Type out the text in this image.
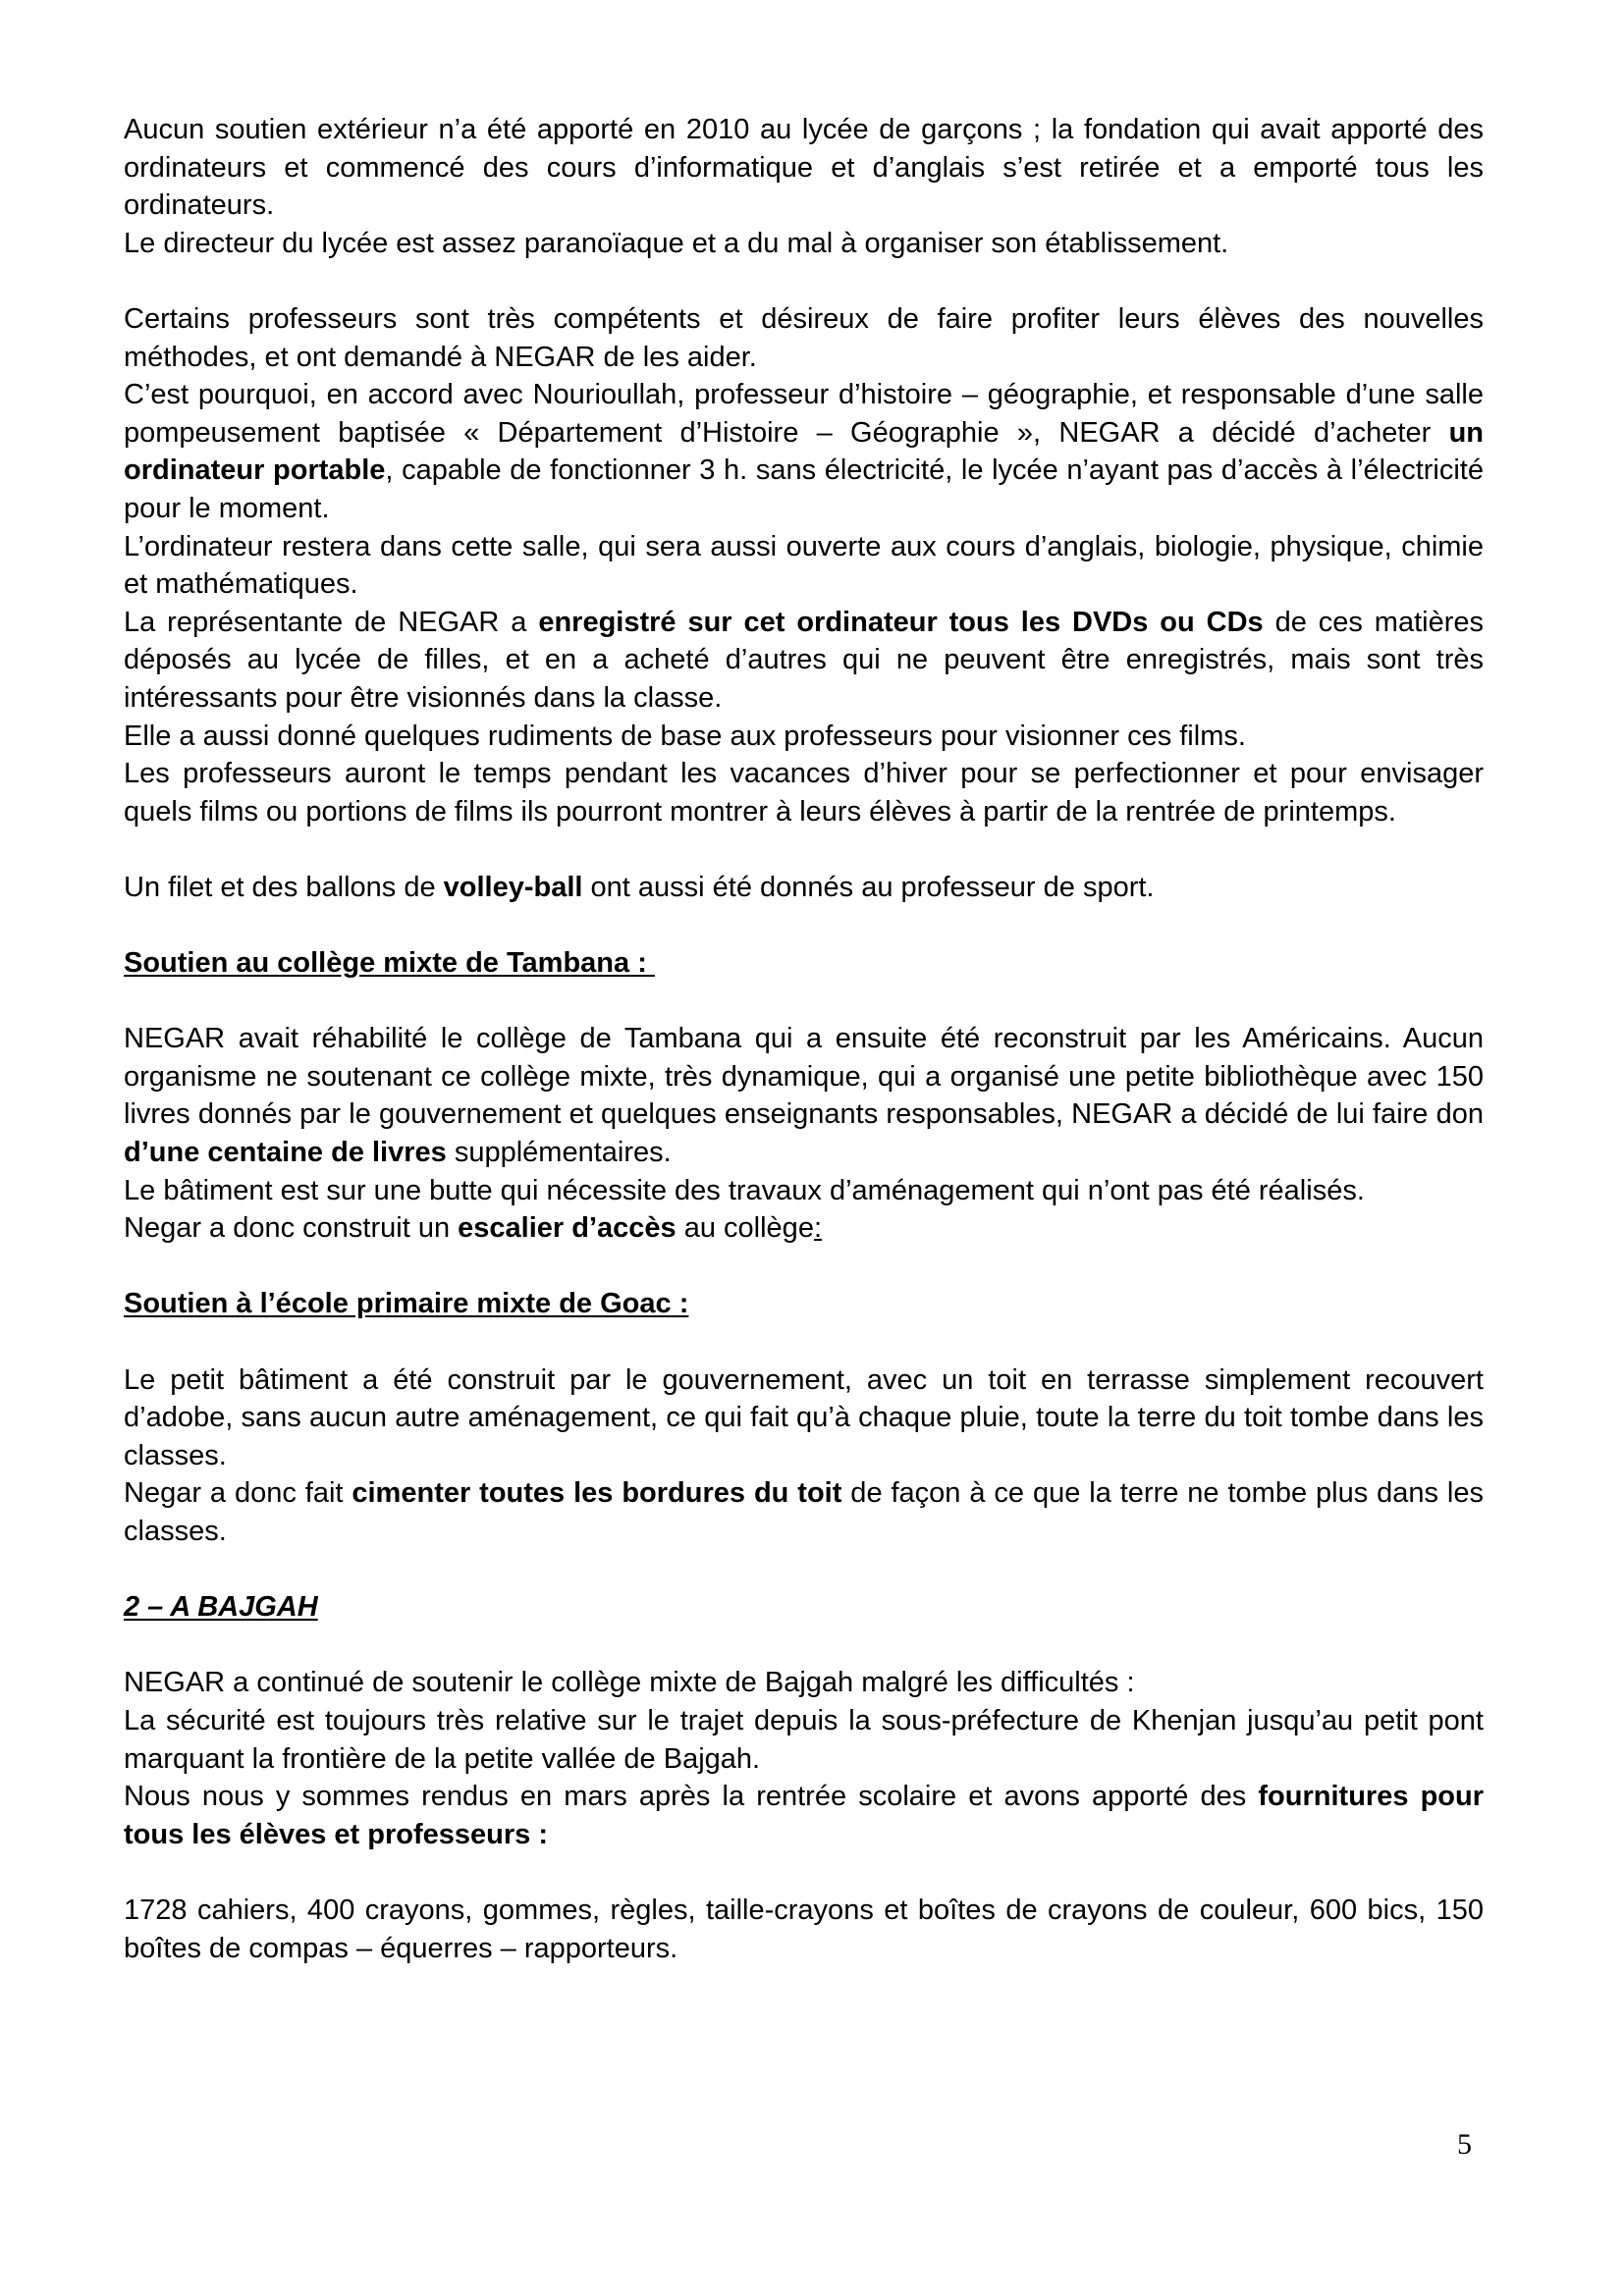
Aucun soutien extérieur n’a été apporté en 2010 au lycée de garçons ; la fondation qui avait apporté des ordinateurs et commencé des cours d’informatique et d’anglais s’est retirée et a emporté tous les ordinateurs.

Le directeur du lycée est assez paranoïaque et a du mal à organiser son établissement.

Certains professeurs sont très compétents et désireux de faire profiter leurs élèves des nouvelles méthodes, et ont demandé à NEGAR de les aider.

C’est pourquoi, en accord avec Nourioullah, professeur d’histoire – géographie, et responsable d’une salle pompeusement baptisée « Département d’Histoire – Géographie », NEGAR a décidé d’acheter un ordinateur portable, capable de fonctionner 3 h. sans électricité, le lycée n’ayant pas d’accès à l’électricité pour le moment.

L’ordinateur restera dans cette salle, qui sera aussi ouverte aux cours d’anglais, biologie, physique, chimie et mathématiques.

La représentante de NEGAR a enregistré sur cet ordinateur tous les DVDs ou CDs de ces matières déposés au lycée de filles, et en a acheté d’autres qui ne peuvent être enregistrés, mais sont très intéressants pour être visionnés dans la classe.

Elle a aussi donné quelques rudiments de base aux professeurs pour visionner ces films.

Les professeurs auront le temps pendant les vacances d’hiver pour se perfectionner et pour envisager quels films ou portions de films ils pourront montrer à leurs élèves à partir de la rentrée de printemps.

Un filet et des ballons de volley-ball ont aussi été donnés au professeur de sport.

Soutien au collège mixte de Tambana :

NEGAR avait réhabilité le collège de Tambana qui a ensuite été reconstruit par les Américains. Aucun organisme ne soutenant ce collège mixte, très dynamique, qui a organisé une petite bibliothèque avec 150 livres donnés par le gouvernement et quelques enseignants responsables, NEGAR a décidé de lui faire don d’une centaine de livres supplémentaires.

Le bâtiment est sur une butte qui nécessite des travaux d’aménagement qui n’ont pas été réalisés.

Negar a donc construit un escalier d’accès au collège:

Soutien à l’école primaire mixte de Goac :

Le petit bâtiment a été construit par le gouvernement, avec un toit en terrasse simplement recouvert d’adobe, sans aucun autre aménagement, ce qui fait qu’à chaque pluie, toute la terre du toit tombe dans les classes.

Negar a donc fait cimenter toutes les bordures du toit de façon à ce que la terre ne tombe plus dans les classes.

2 – A BAJGAH

NEGAR a continué de soutenir le collège mixte de Bajgah malgré les difficultés :

La sécurité est toujours très relative sur le trajet depuis la sous-préfecture de Khenjan jusqu’au petit pont marquant la frontière de la petite vallée de Bajgah.

Nous nous y sommes rendus en mars après la rentrée scolaire et avons apporté des fournitures pour tous les élèves et professeurs :

1728 cahiers, 400 crayons, gommes, règles, taille-crayons et boîtes de crayons de couleur, 600 bics, 150 boîtes de compas – équerres – rapporteurs.

5
